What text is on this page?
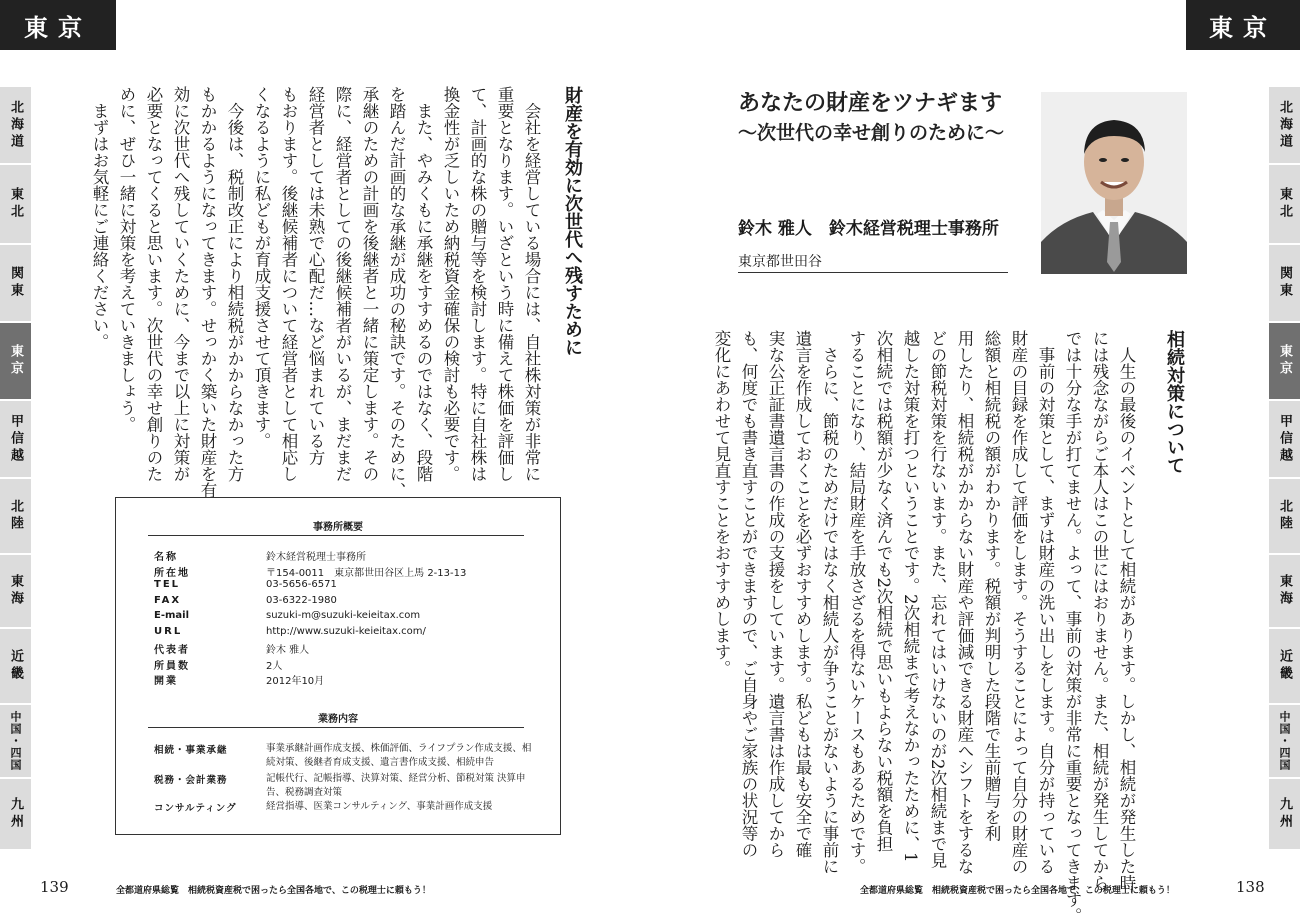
東京	東京
北海道
東北
関東
東京
甲信越
北陸
東海
近畿
中国・四国
九州
北海道
東北
関東
東京
甲信越
北陸
東海
近畿
中国・四国
九州
あなたの財産をツナギます
～次世代の幸せ創りのために～
鈴木 雅人　鈴木経営税理士事務所
東京都世田谷
相続対策について
　人生の最後のイベントとして相続があります。しかし、相続が発生した時
には残念ながらご本人はこの世にはおりません。また、相続が発生してから
では十分な手が打てません。よって、事前の対策が非常に重要となってきます。
　事前の対策として、まずは財産の洗い出しをします。自分が持っている
財産の目録を作成して評価をします。そうすることによって自分の財産の
総額と相続税の額がわかります。税額が判明した段階で生前贈与を利
用したり、相続税がかからない財産や評価減できる財産へシフトをするな
どの節税対策を行ないます。また、忘れてはいけないのが2次相続まで見
越した対策を打つということです。2次相続まで考えなかったために、1
次相続では税額が少なく済んでも2次相続で思いもよらない税額を負担
することになり、結局財産を手放さざるを得ないケースもあるためです。
　さらに、節税のためだけではなく相続人が争うことがないように事前に
遺言を作成しておくことを必ずおすすめします。私どもは最も安全で確
実な公正証書遺言書の作成の支援をしています。遺言書は作成してから
も、何度でも書き直すことができますので、ご自身やご家族の状況等の
変化にあわせて見直すことをおすすめします。
財産を有効に次世代へ残すために
　会社を経営している場合には、自社株対策が非常に
重要となります。いざという時に備えて株価を評価し
て、計画的な株の贈与等を検討します。特に自社株は
換金性が乏しいため納税資金確保の検討も必要です。
　また、やみくもに承継をすすめるのではなく、段階
を踏んだ計画的な承継が成功の秘訣です。そのために、
承継のための計画を後継者と一緒に策定します。その
際に、経営者としての後継候補者がいるが、まだまだ
経営者としては未熟で心配だ…など悩まれている方
もおります。後継候補者について経営者として相応し
くなるように私どもが育成支援させて頂きます。
　今後は、税制改正により相続税がかからなかった方
もかかるようになってきます。せっかく築いた財産を有
効に次世代へ残していくために、今まで以上に対策が
必要となってくると思います。次世代の幸せ創りのた
めに、ぜひ一緒に対策を考えていきましょう。
　まずはお気軽にご連絡ください。
事務所概要
名称	鈴木経営税理士事務所
所在地	〒154-0011　東京都世田谷区上馬 2-13-13
TEL	03-5656-6571
FAX	03-6322-1980
E-mail	suzuki-m@suzuki-keieitax.com
URL	http://www.suzuki-keieitax.com/
代表者	鈴木 雅人
所員数	2人
開業	2012年10月
業務内容
相続・事業承継	事業承継計画作成支援、株価評価、ライフプラン作成支援、相続対策、後継者育成支援、遺言書作成支援、相続申告
税務・会計業務	記帳代行、記帳指導、決算対策、経営分析、節税対策 決算申告、税務調査対策
コンサルティング	経営指導、医業コンサルティング、事業計画作成支援
139	全都道府県総覧　相続税資産税で困ったら全国各地で、この税理士に頼もう！	全都道府県総覧　相続税資産税で困ったら全国各地で、この税理士に頼もう！	138
